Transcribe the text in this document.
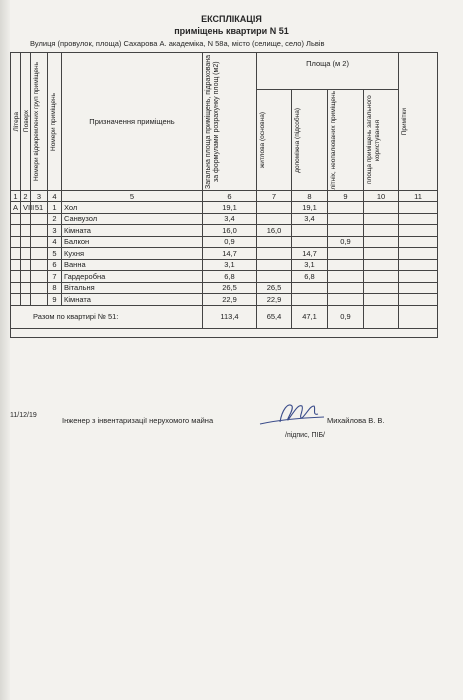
ЕКСПЛІКАЦІЯ
приміщень квартири N 51
Вулиця (провулок, площа) Сахарова А. академіка, N 58а, місто (селище, село) Львів
Літера	Поверх	Номери відокремлених груп приміщень	Номери приміщень	Призначення приміщень	Загальна площа приміщень, підрахована за формулами розрахунку площ (м2)	Площа (м 2)				Примітки

						житлова (основна)	допоміжна (підсобна)	літніх, неопалюваних приміщень	площа приміщень загального користування	

1	2	3	4	5	6	7	8	9	10	11
А	VIII	51	1	Хол	19,1		19,1			
			2	Санвузол	3,4		3,4			
			3	Кімната	16,0	16,0				
			4	Балкон	0,9			0,9		
			5	Кухня	14,7		14,7			
			6	Ванна	3,1		3,1			
			7	Гардеробна	6,8		6,8			
			8	Вітальня	26,5	26,5				
			9	Кімната	22,9	22,9				
Разом по квартирі № 51:					113,4	65,4	47,1	0,9		

11/12/19
Інженер з інвентаризації нерухомого майна	Михайлова В. В.
/підпис, ПІБ/
